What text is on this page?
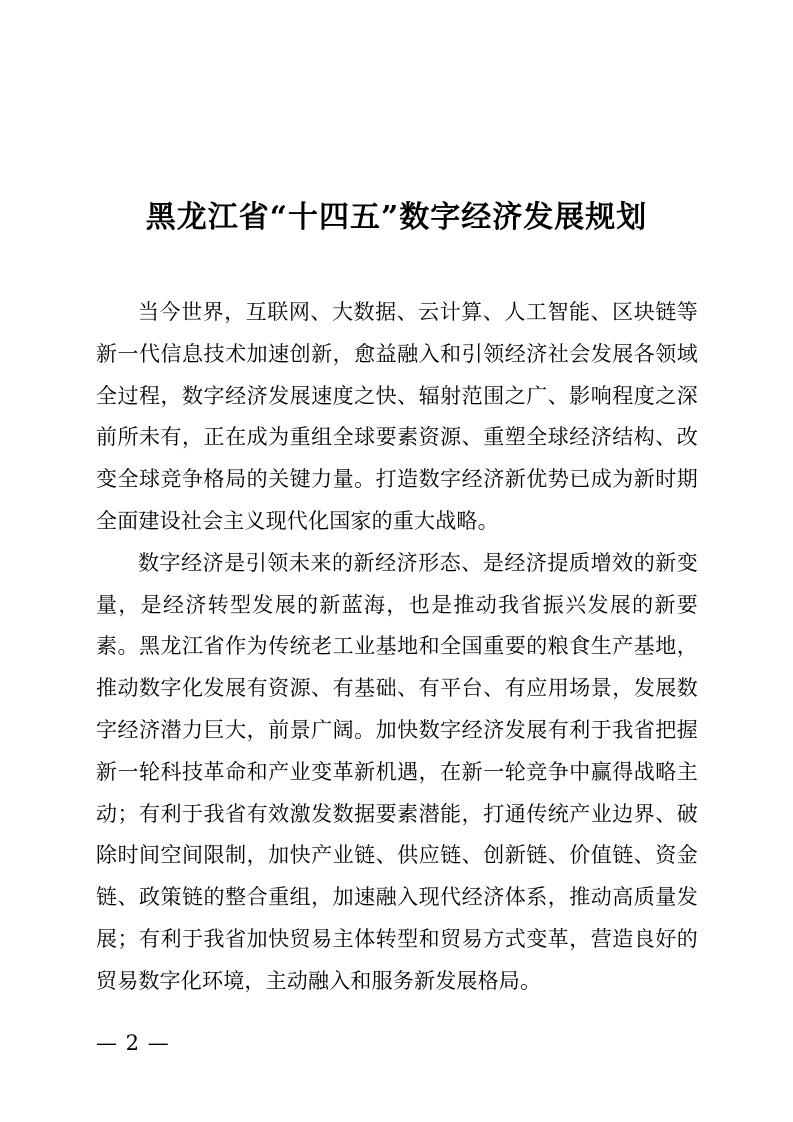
黑龙江省“十四五”数字经济发展规划

当今世界，互联网、大数据、云计算、人工智能、区块链等新一代信息技术加速创新，愈益融入和引领经济社会发展各领域全过程，数字经济发展速度之快、辐射范围之广、影响程度之深前所未有，正在成为重组全球要素资源、重塑全球经济结构、改变全球竞争格局的关键力量。打造数字经济新优势已成为新时期全面建设社会主义现代化国家的重大战略。

数字经济是引领未来的新经济形态、是经济提质增效的新变量，是经济转型发展的新蓝海，也是推动我省振兴发展的新要素。黑龙江省作为传统老工业基地和全国重要的粮食生产基地，推动数字化发展有资源、有基础、有平台、有应用场景，发展数字经济潜力巨大，前景广阔。加快数字经济发展有利于我省把握新一轮科技革命和产业变革新机遇，在新一轮竞争中赢得战略主动；有利于我省有效激发数据要素潜能，打通传统产业边界、破除时间空间限制，加快产业链、供应链、创新链、价值链、资金链、政策链的整合重组，加速融入现代经济体系，推动高质量发展；有利于我省加快贸易主体转型和贸易方式变革，营造良好的贸易数字化环境，主动融入和服务新发展格局。

— 2 —
